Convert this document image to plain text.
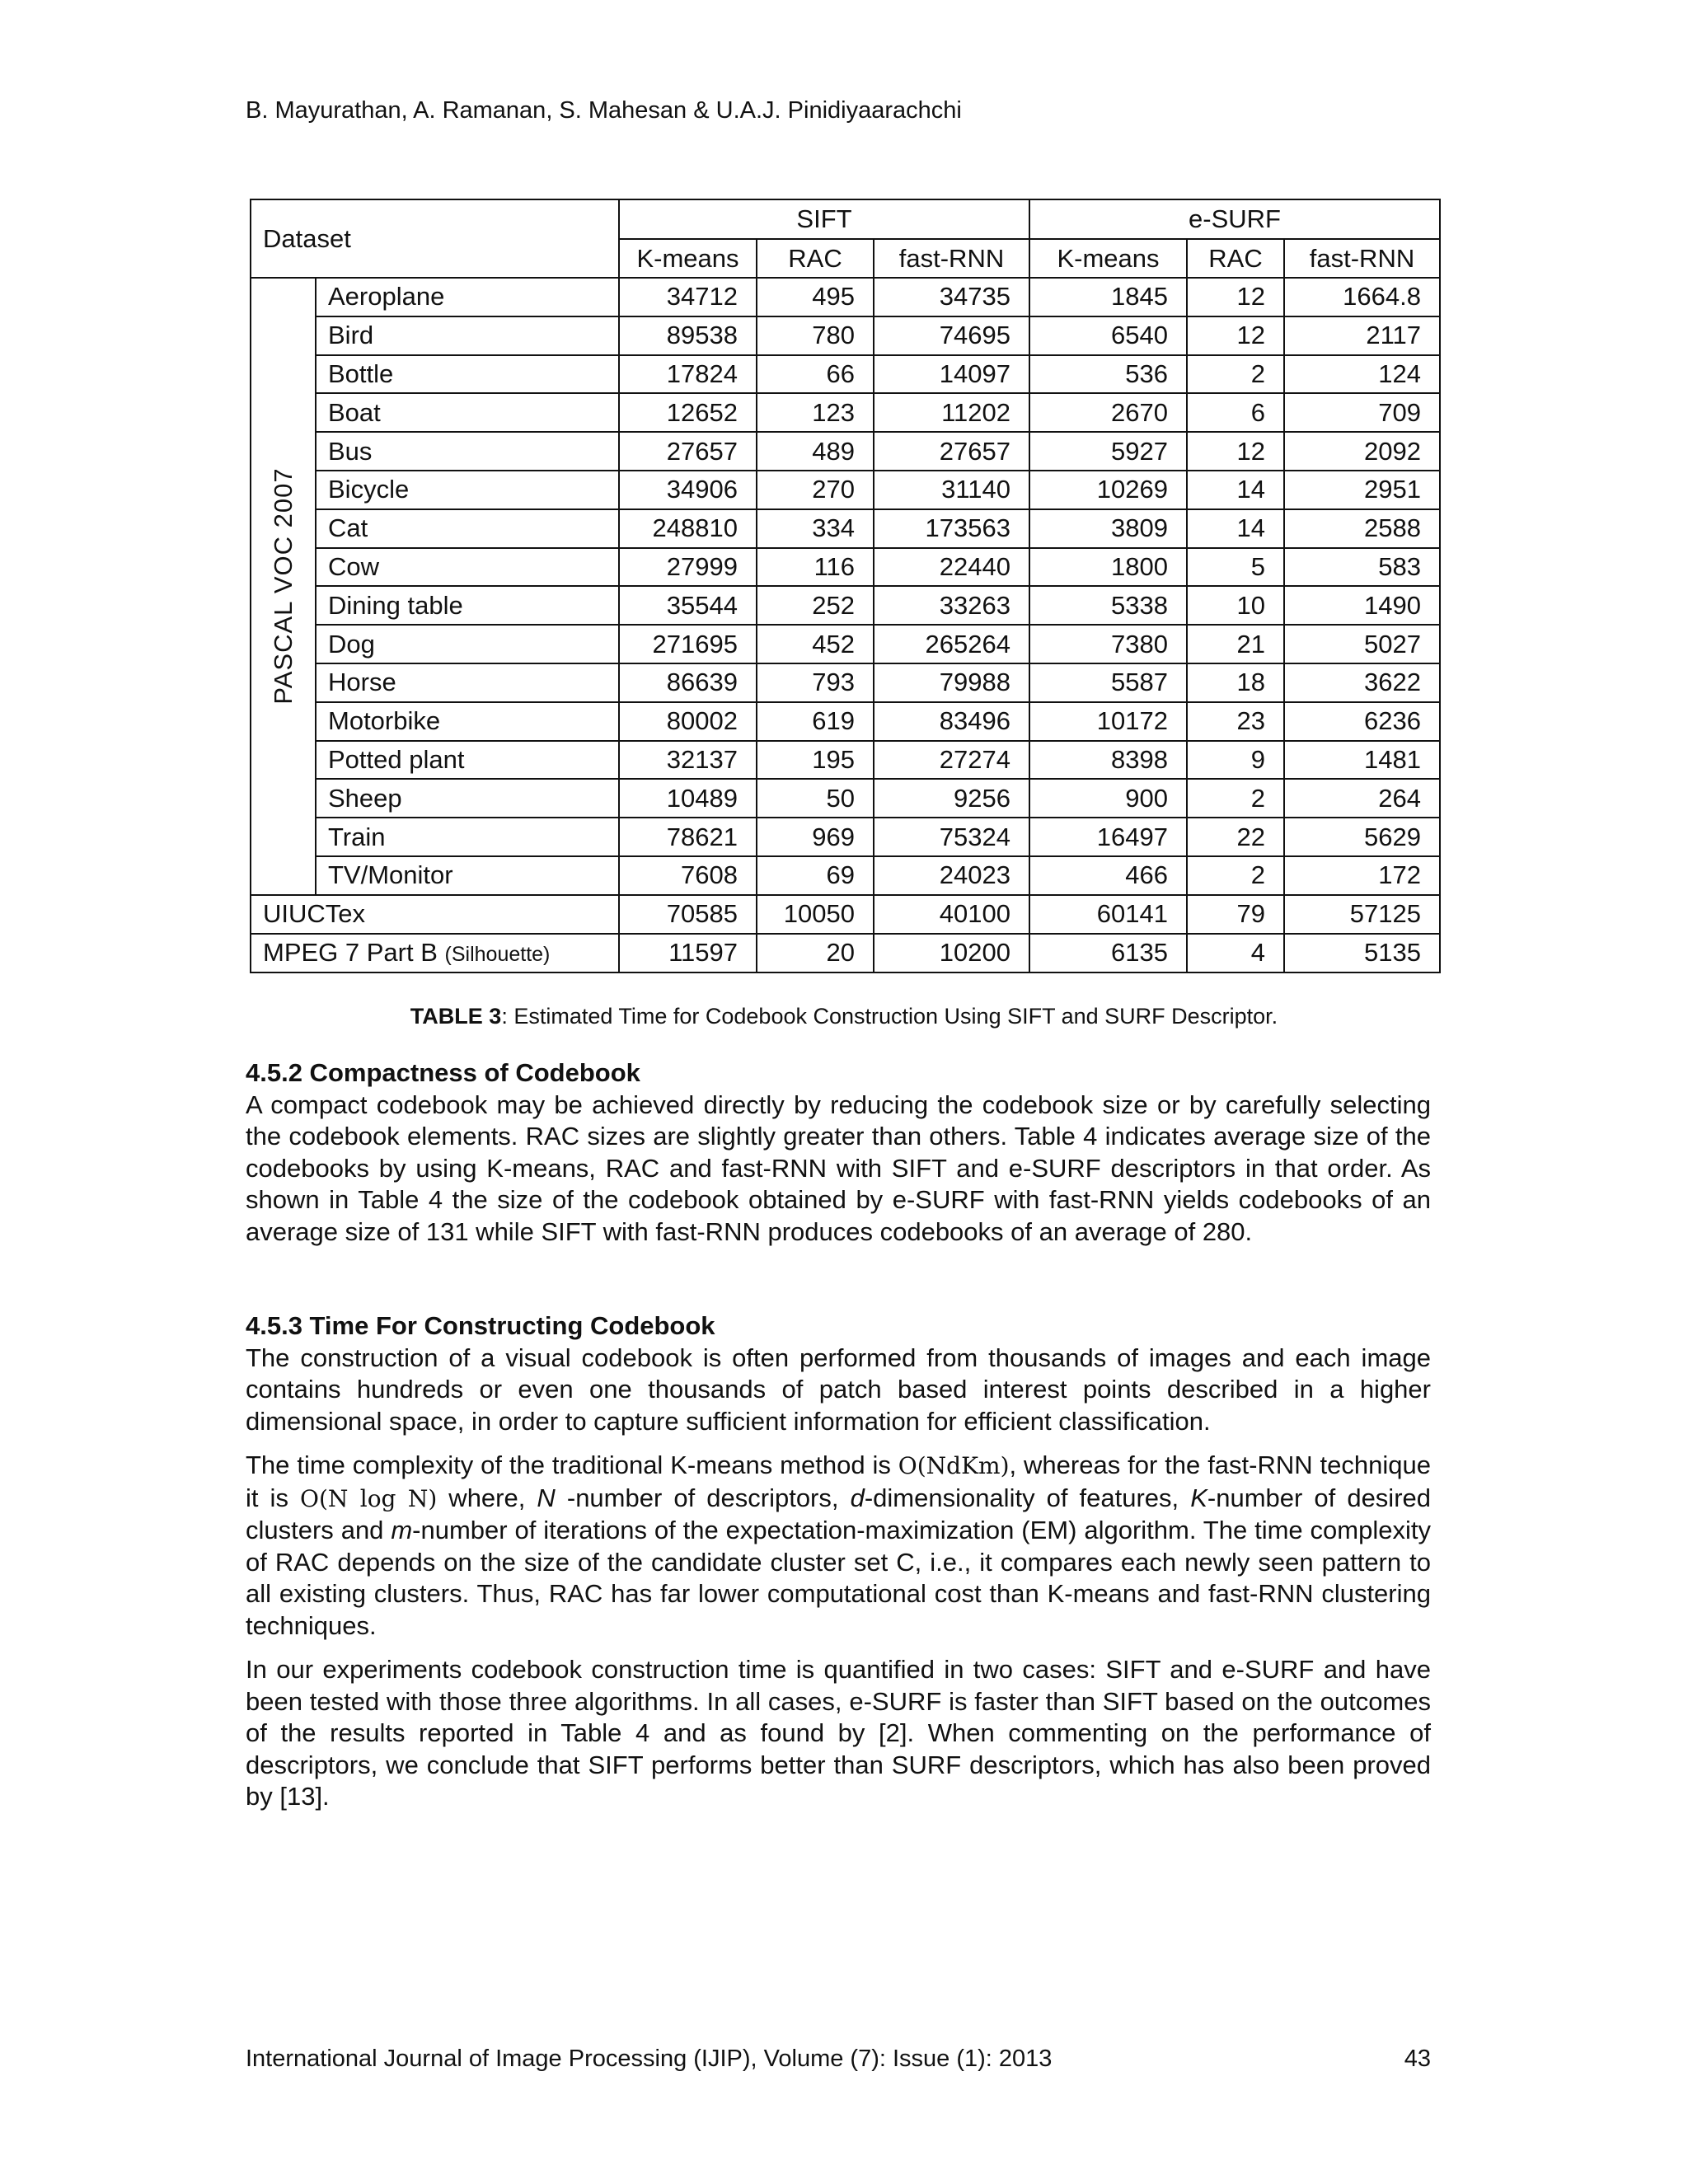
B. Mayurathan, A. Ramanan, S. Mahesan & U.A.J. Pinidiyaarachchi
Dataset		SIFT			e-SURF		
		K-means	RAC	fast-RNN	K-means	RAC	fast-RNN

PASCAL VOC 2007	Aeroplane	34712	495	34735	1845	12	1664.8
	Bird	89538	780	74695	6540	12	2117
	Bottle	17824	66	14097	536	2	124
	Boat	12652	123	11202	2670	6	709
	Bus	27657	489	27657	5927	12	2092
	Bicycle	34906	270	31140	10269	14	2951
	Cat	248810	334	173563	3809	14	2588
	Cow	27999	116	22440	1800	5	583
	Dining table	35544	252	33263	5338	10	1490
	Dog	271695	452	265264	7380	21	5027
	Horse	86639	793	79988	5587	18	3622
	Motorbike	80002	619	83496	10172	23	6236
	Potted plant	32137	195	27274	8398	9	1481
	Sheep	10489	50	9256	900	2	264
	Train	78621	969	75324	16497	22	5629
	TV/Monitor	7608	69	24023	466	2	172
UIUCTex		70585	10050	40100	60141	79	57125
MPEG 7 Part B (Silhouette)		11597	20	10200	6135	4	5135
TABLE 3: Estimated Time for Codebook Construction Using SIFT and SURF Descriptor.
4.5.2 Compactness of Codebook

A compact codebook may be achieved directly by reducing the codebook size or by carefully selecting the codebook elements. RAC sizes are slightly greater than others. Table 4 indicates average size of the codebooks by using K-means, RAC and fast-RNN with SIFT and e-SURF descriptors in that order. As shown in Table 4 the size of the codebook obtained by e-SURF with fast-RNN yields codebooks of an average size of 131 while SIFT with fast-RNN produces codebooks of an average of 280.

4.5.3 Time For Constructing Codebook

The construction of a visual codebook is often performed from thousands of images and each image contains hundreds or even one thousands of patch based interest points described in a higher dimensional space, in order to capture sufficient information for efficient classification.

The time complexity of the traditional K-means method is O(NdKm), whereas for the fast-RNN technique it is O(N log N) where, N -number of descriptors, d-dimensionality of features, K-number of desired clusters and m-number of iterations of the expectation-maximization (EM) algorithm. The time complexity of RAC depends on the size of the candidate cluster set C, i.e., it compares each newly seen pattern to all existing clusters. Thus, RAC has far lower computational cost than K-means and fast-RNN clustering techniques.

In our experiments codebook construction time is quantified in two cases: SIFT and e-SURF and have been tested with those three algorithms. In all cases, e-SURF is faster than SIFT based on the outcomes of the results reported in Table 4 and as found by [2]. When commenting on the performance of descriptors, we conclude that SIFT performs better than SURF descriptors, which has also been proved by [13].

International Journal of Image Processing (IJIP), Volume (7): Issue (1): 2013	43
